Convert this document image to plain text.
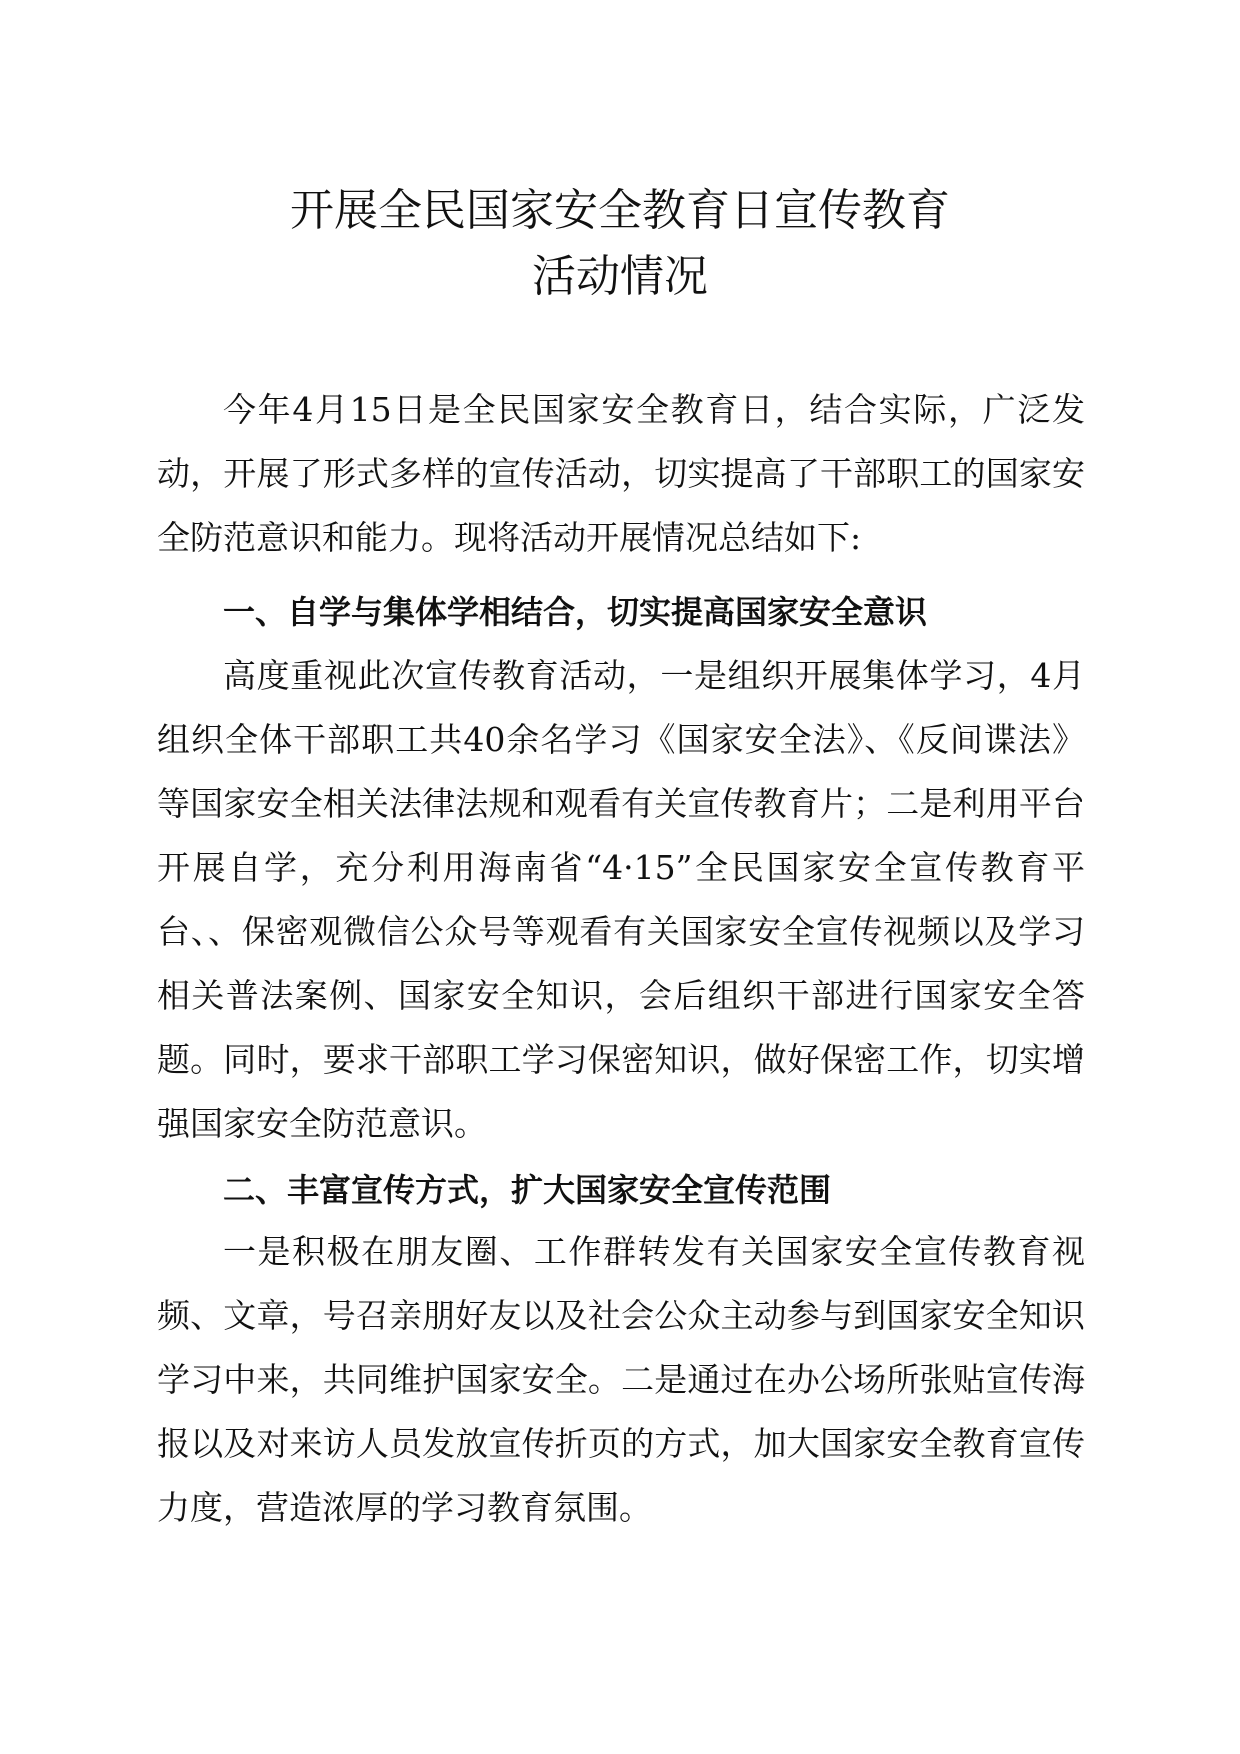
开展全民国家安全教育日宣传教育
活动情况

今年4月15日是全民国家安全教育日，结合实际，广泛发动，开展了形式多样的宣传活动，切实提高了干部职工的国家安全防范意识和能力。现将活动开展情况总结如下:

一、自学与集体学相结合，切实提高国家安全意识

高度重视此次宣传教育活动，一是组织开展集体学习，4月组织全体干部职工共40余名学习《国家安全法》、《反间谍法》等国家安全相关法律法规和观看有关宣传教育片；二是利用平台开展自学，充分利用海南省“4·15”全民国家安全宣传教育平台、、保密观微信公众号等观看有关国家安全宣传视频以及学习相关普法案例、国家安全知识，会后组织干部进行国家安全答题。同时，要求干部职工学习保密知识，做好保密工作，切实增强国家安全防范意识。

二、丰富宣传方式，扩大国家安全宣传范围

一是积极在朋友圈、工作群转发有关国家安全宣传教育视频、文章，号召亲朋好友以及社会公众主动参与到国家安全知识学习中来，共同维护国家安全。二是通过在办公场所张贴宣传海报以及对来访人员发放宣传折页的方式，加大国家安全教育宣传力度，营造浓厚的学习教育氛围。
